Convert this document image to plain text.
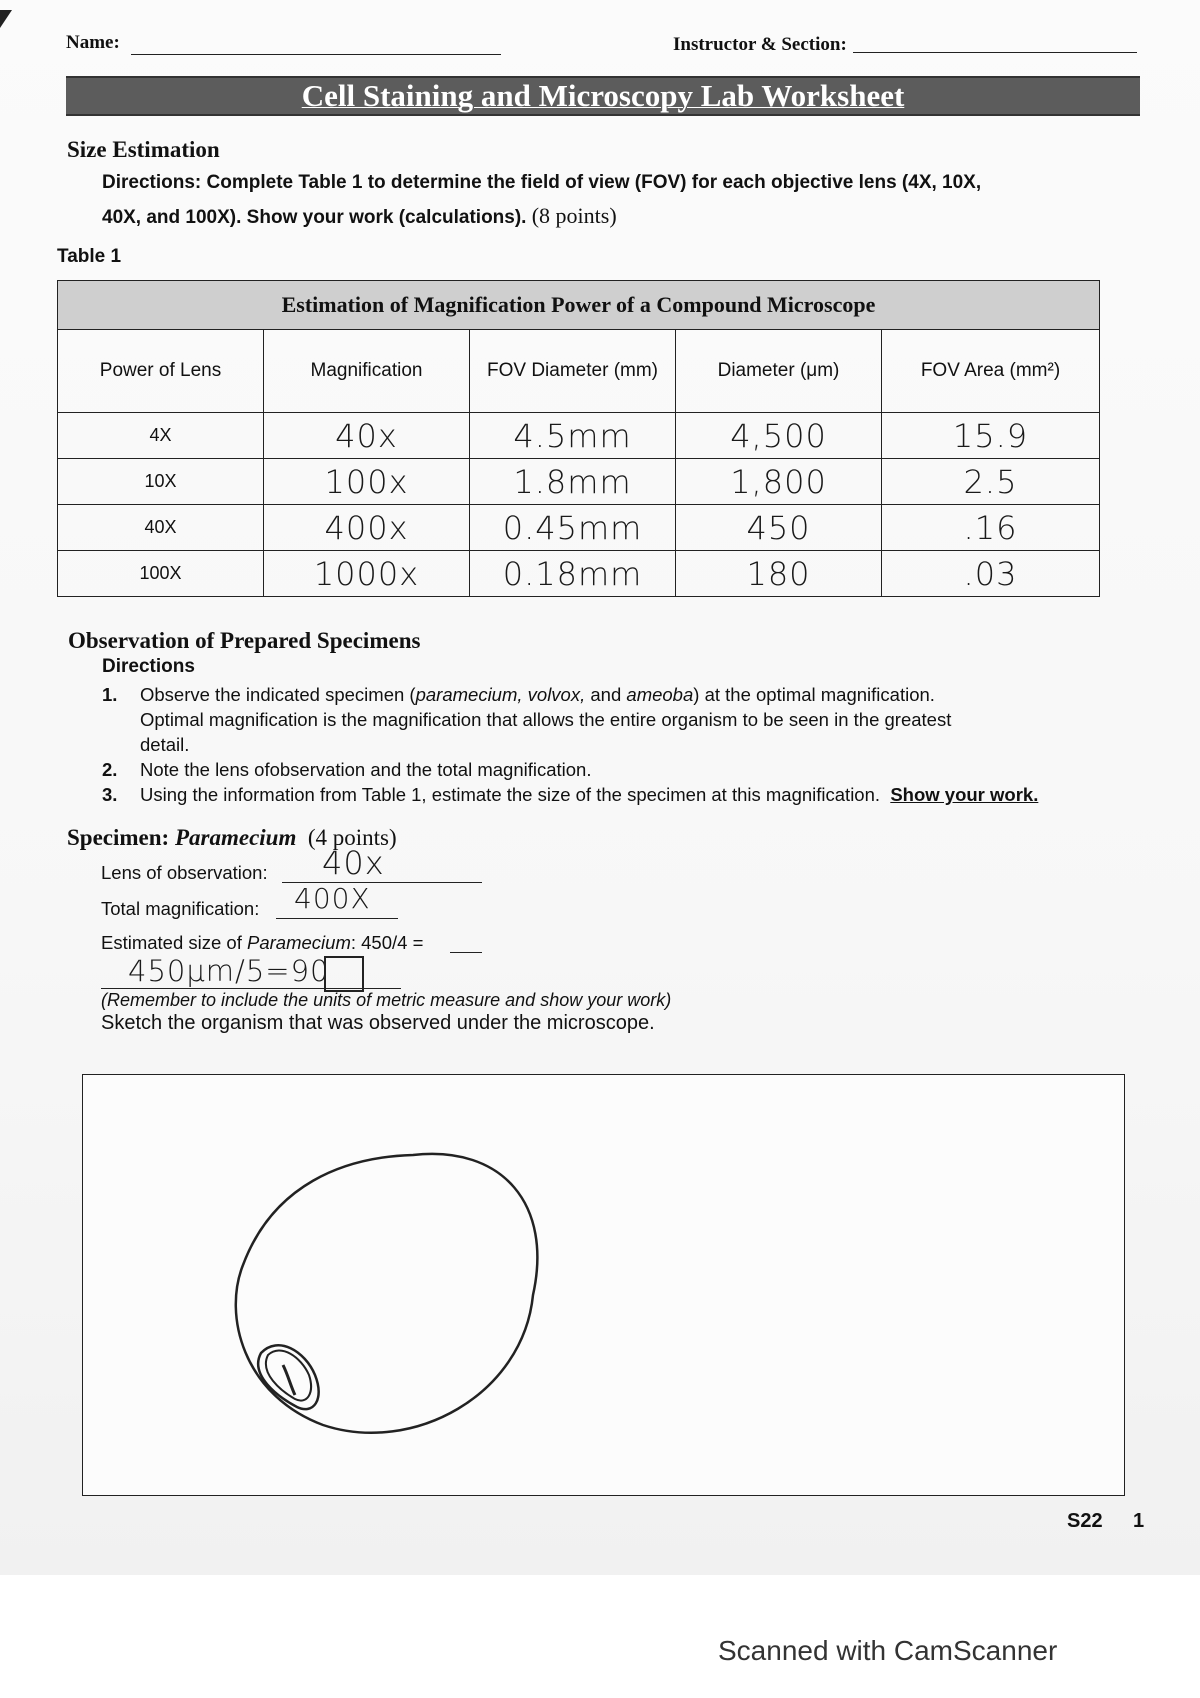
Name:	Instructor & Section:
Cell Staining and Microscopy Lab Worksheet
Size Estimation
Directions: Complete Table 1 to determine the field of view (FOV) for each objective lens (4X, 10X,
40X, and 100X). Show your work (calculations). (8 points)
Table 1
Estimation of Magnification Power of a Compound Microscope				
Power of Lens	Magnification	FOV Diameter (mm)	Diameter (μm)	FOV Area (mm²)
4X	40x	4.5mm	4,500	15.9
10X	100x	1.8mm	1,800	2.5
40X	400x	0.45mm	450	.16
100X	1000x	0.18mm	180	.03
Observation of Prepared Specimens
Directions
1. Observe the indicated specimen (paramecium, volvox, and ameoba) at the optimal magnification.
Optimal magnification is the magnification that allows the entire organism to be seen in the greatest
detail.
2. Note the lens ofobservation and the total magnification.
3. Using the information from Table 1, estimate the size of the specimen at this magnification. Show your work.
Specimen: Paramecium (4 points)
Lens of observation: 40x
Total magnification: 400X
Estimated size of Paramecium: 450/4 =
450μm/5=90
(Remember to include the units of metric measure and show your work)
Sketch the organism that was observed under the microscope.
S22 1
Scanned with CamScanner
